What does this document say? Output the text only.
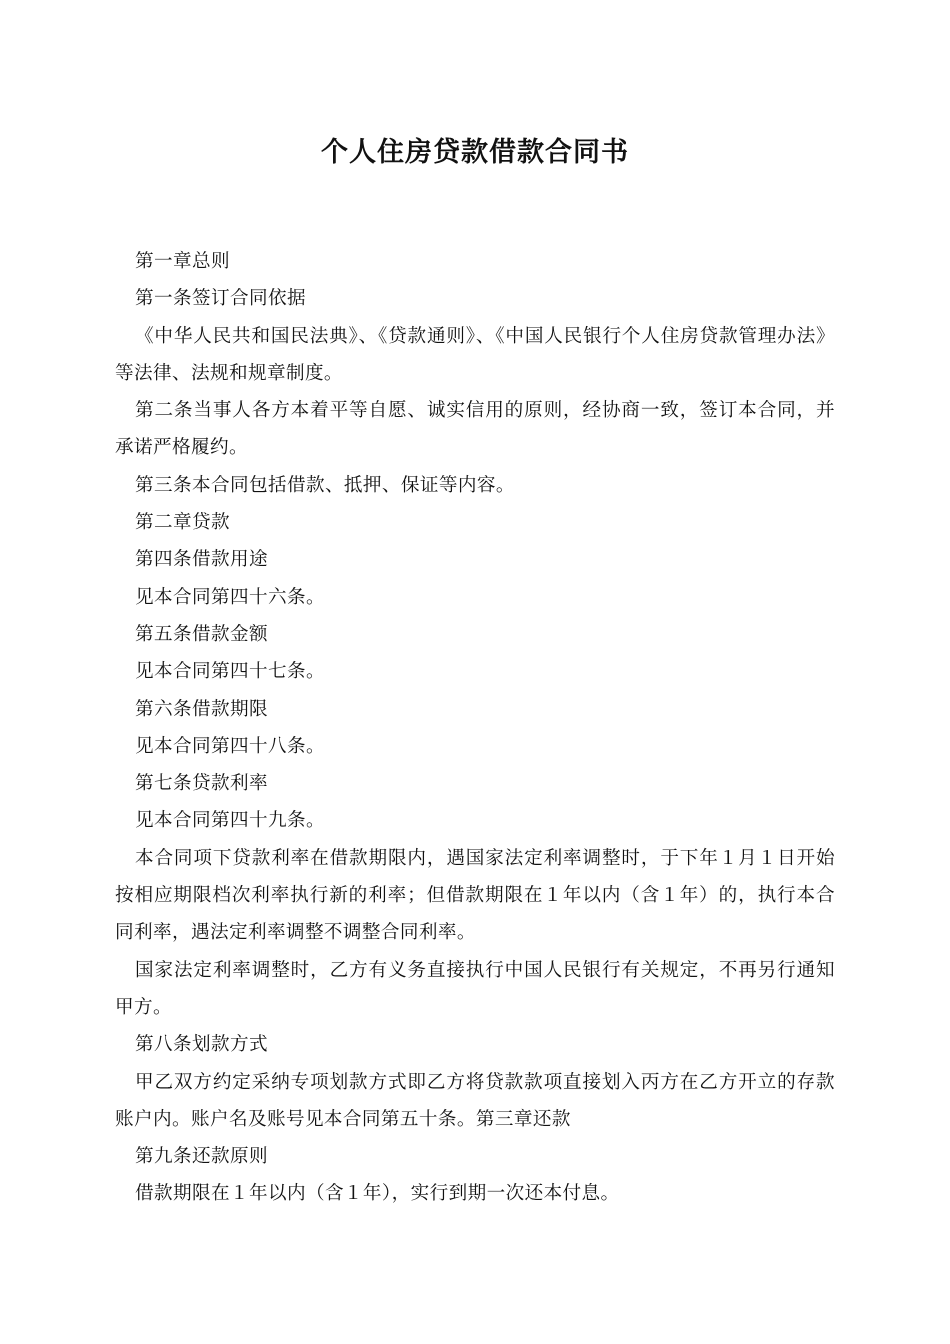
个人住房贷款借款合同书

第一章总则

第一条签订合同依据

《中华人民共和国民法典》、《贷款通则》、《中国人民银行个人住房贷款管理办法》等法律、法规和规章制度。

第二条当事人各方本着平等自愿、诚实信用的原则，经协商一致，签订本合同，并承诺严格履约。

第三条本合同包括借款、抵押、保证等内容。

第二章贷款

第四条借款用途

见本合同第四十六条。

第五条借款金额

见本合同第四十七条。

第六条借款期限

见本合同第四十八条。

第七条贷款利率

见本合同第四十九条。

本合同项下贷款利率在借款期限内，遇国家法定利率调整时，于下年１月１日开始按相应期限档次利率执行新的利率；但借款期限在１年以内（含１年）的，执行本合同利率，遇法定利率调整不调整合同利率。

国家法定利率调整时，乙方有义务直接执行中国人民银行有关规定，不再另行通知甲方。

第八条划款方式

甲乙双方约定采纳专项划款方式即乙方将贷款款项直接划入丙方在乙方开立的存款账户内。账户名及账号见本合同第五十条。第三章还款

第九条还款原则

借款期限在１年以内（含１年），实行到期一次还本付息。
